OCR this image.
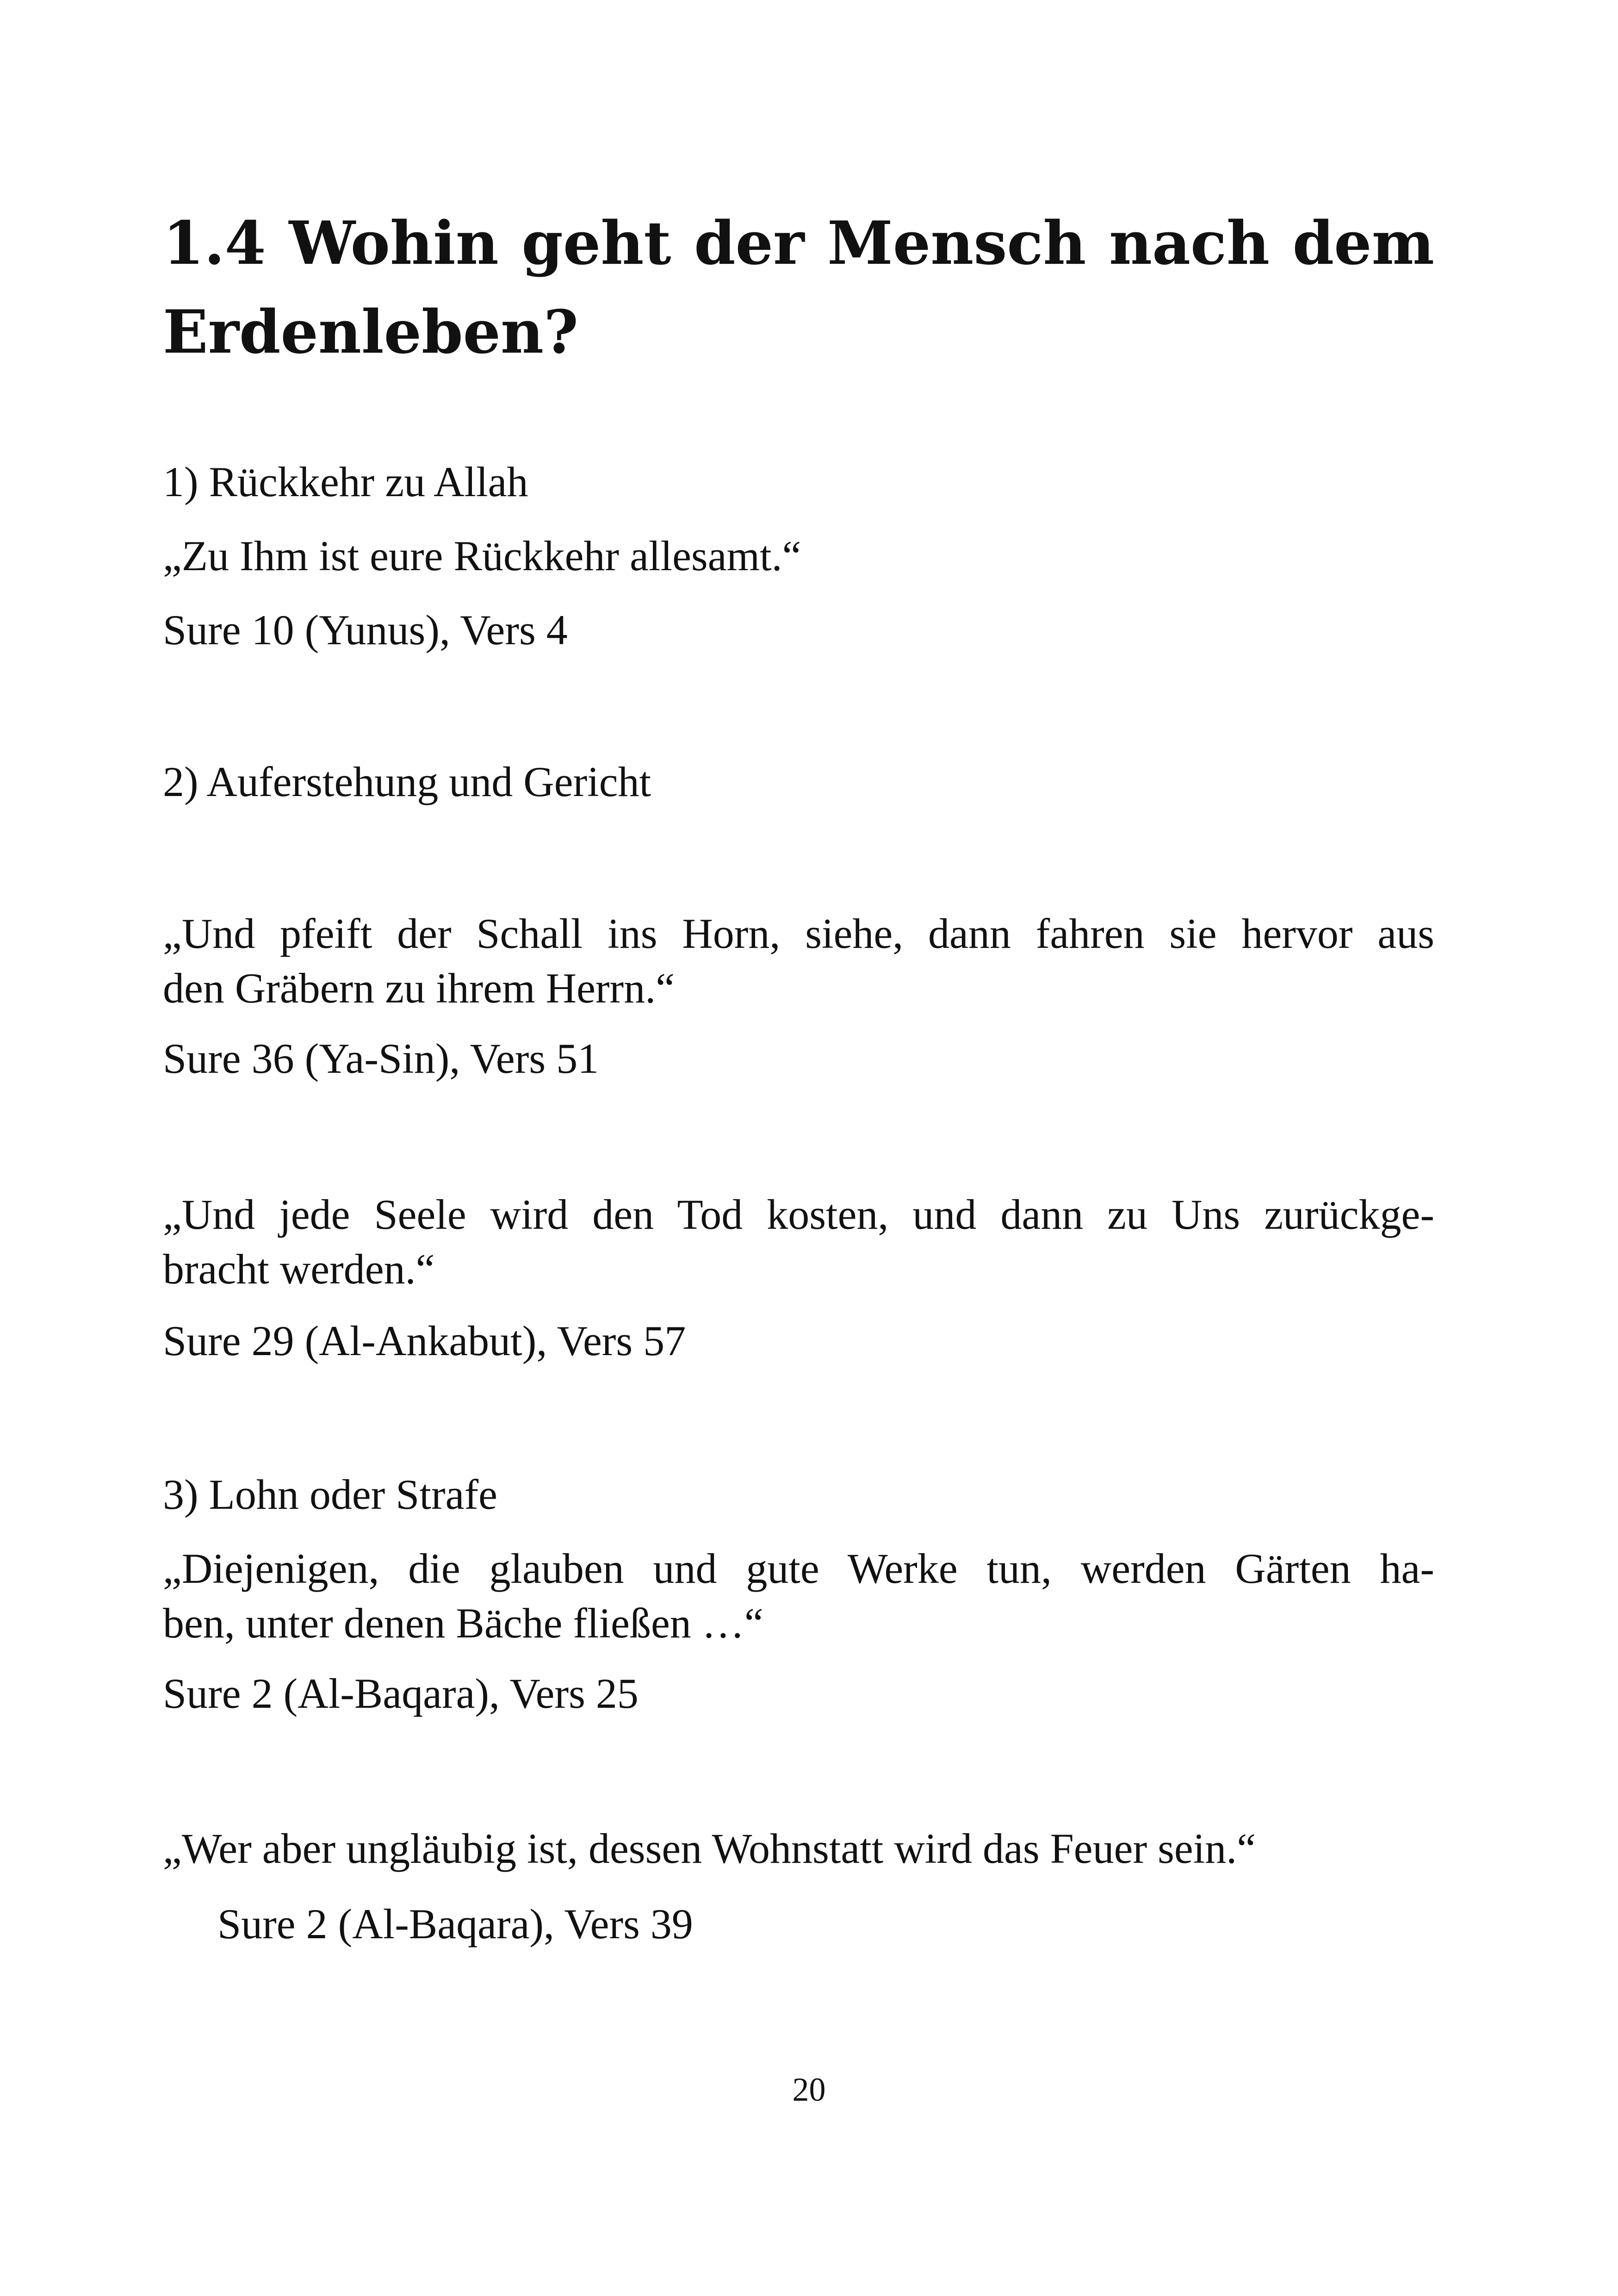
1.4 Wohin geht der Mensch nach dem Erdenleben?

1) Rückkehr zu Allah

„Zu Ihm ist eure Rückkehr allesamt.“

Sure 10 (Yunus), Vers 4

2) Auferstehung und Gericht

„Und pfeift der Schall ins Horn, siehe, dann fahren sie hervor aus
den Gräbern zu ihrem Herrn.“

Sure 36 (Ya-Sin), Vers 51

„Und jede Seele wird den Tod kosten, und dann zu Uns zurückge-
bracht werden.“

Sure 29 (Al-Ankabut), Vers 57

3) Lohn oder Strafe

„Diejenigen, die glauben und gute Werke tun, werden Gärten ha-
ben, unter denen Bäche fließen …“

Sure 2 (Al-Baqara), Vers 25

„Wer aber ungläubig ist, dessen Wohnstatt wird das Feuer sein.“

Sure 2 (Al-Baqara), Vers 39

20
